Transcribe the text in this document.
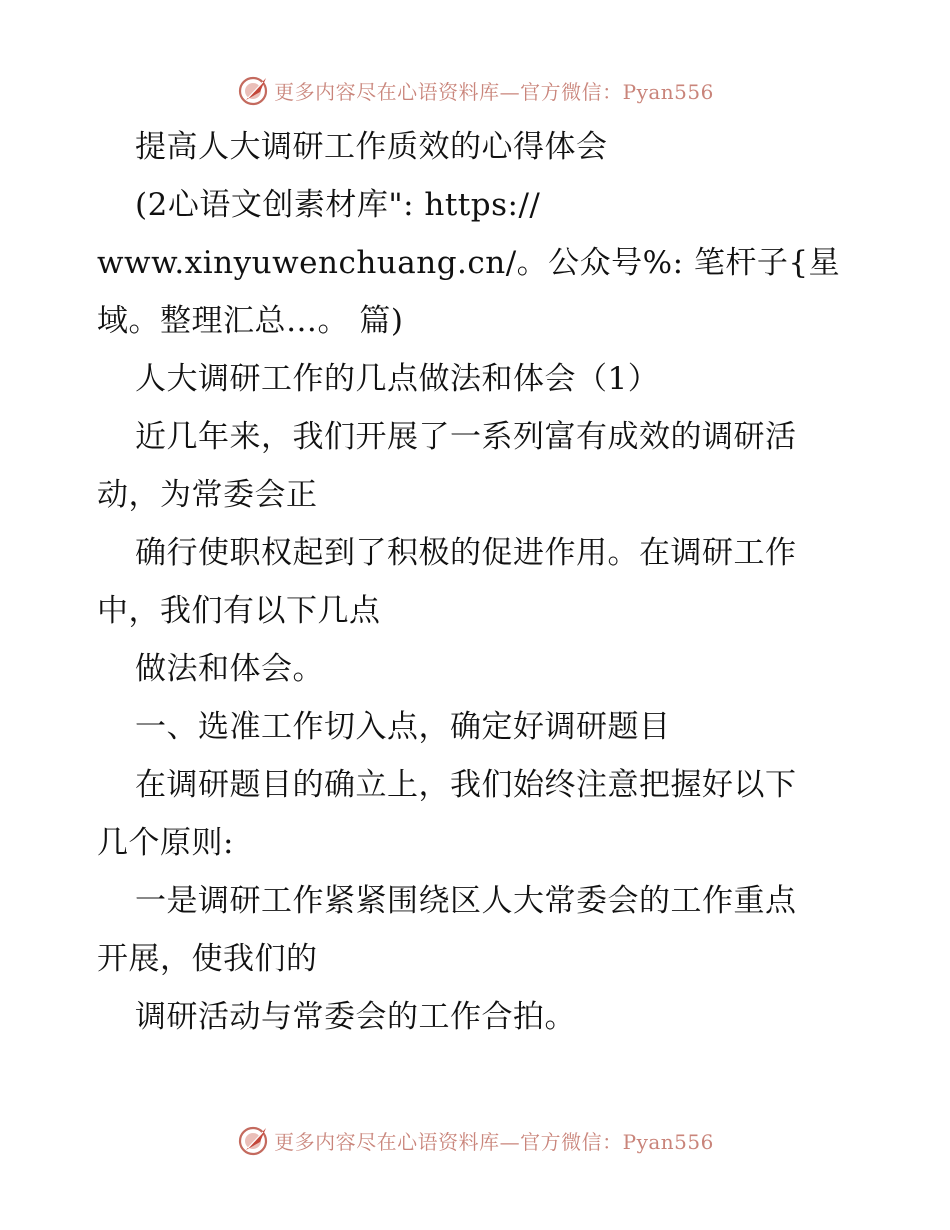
更多内容尽在心语资料库—官方微信：Pyan556

提高人大调研工作质效的心得体会

(2心语文创素材库": https://

www.xinyuwenchuang.cn/。公众号%: 笔杆子{星

域。整理汇总…。 篇)

人大调研工作的几点做法和体会（1）

近几年来，我们开展了一系列富有成效的调研活

动，为常委会正

确行使职权起到了积极的促进作用。在调研工作

中，我们有以下几点

做法和体会。

一、选准工作切入点，确定好调研题目

在调研题目的确立上，我们始终注意把握好以下

几个原则:

一是调研工作紧紧围绕区人大常委会的工作重点

开展，使我们的

调研活动与常委会的工作合拍。

更多内容尽在心语资料库—官方微信：Pyan556
